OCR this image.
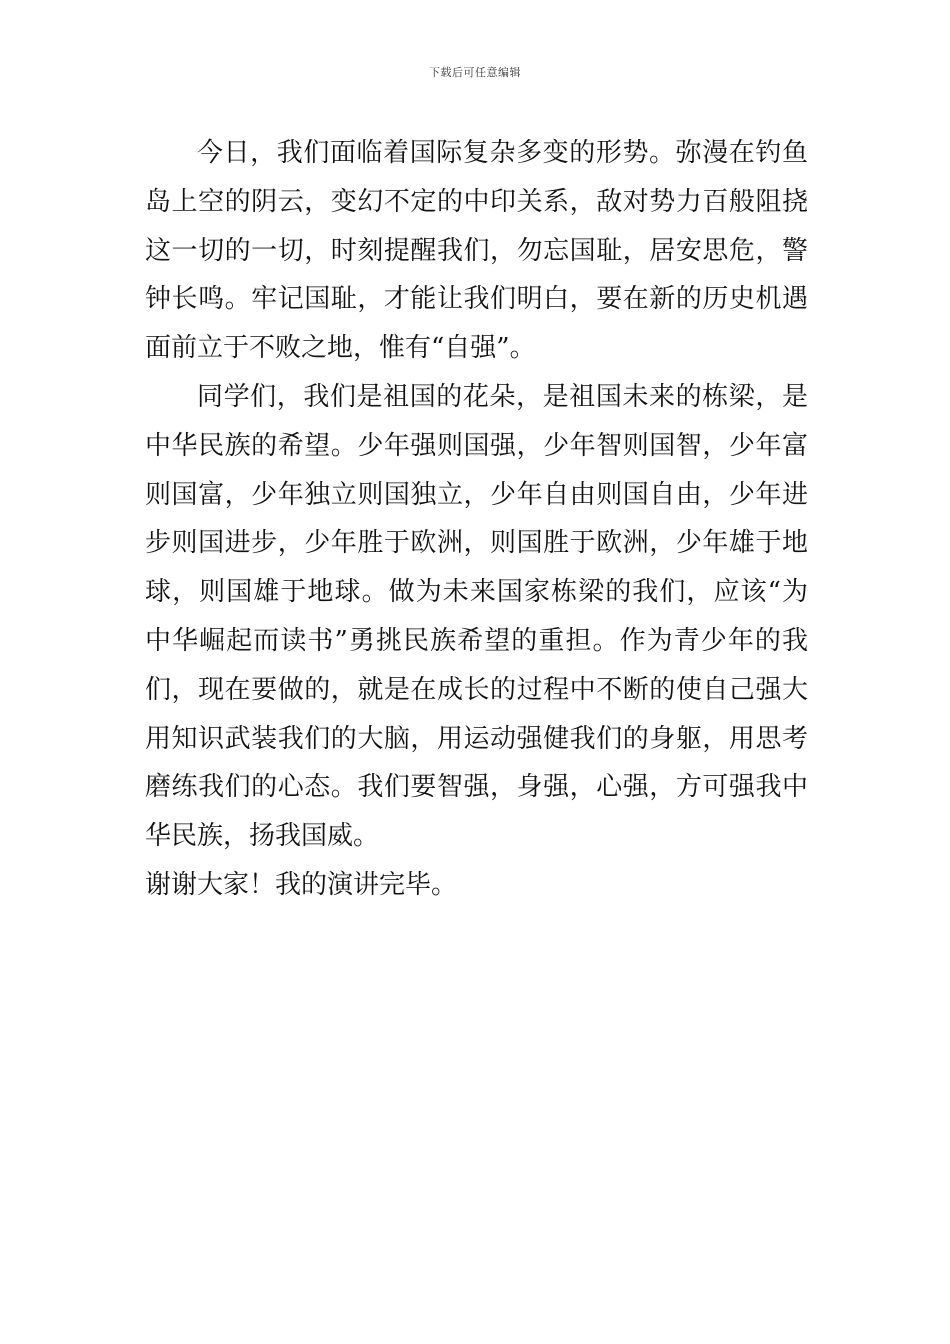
下载后可任意编辑

今日，我们面临着国际复杂多变的形势。弥漫在钓鱼岛上空的阴云，变幻不定的中印关系，敌对势力百般阻挠这一切的一切，时刻提醒我们，勿忘国耻，居安思危，警钟长鸣。牢记国耻，才能让我们明白，要在新的历史机遇面前立于不败之地，惟有“自强”。

同学们，我们是祖国的花朵，是祖国未来的栋梁，是中华民族的希望。少年强则国强，少年智则国智，少年富则国富，少年独立则国独立，少年自由则国自由，少年进步则国进步，少年胜于欧洲，则国胜于欧洲，少年雄于地球，则国雄于地球。做为未来国家栋梁的我们，应该“为中华崛起而读书”勇挑民族希望的重担。作为青少年的我们，现在要做的，就是在成长的过程中不断的使自己强大用知识武装我们的大脑，用运动强健我们的身躯，用思考磨练我们的心态。我们要智强，身强，心强，方可强我中华民族，扬我国威。

谢谢大家！我的演讲完毕。
